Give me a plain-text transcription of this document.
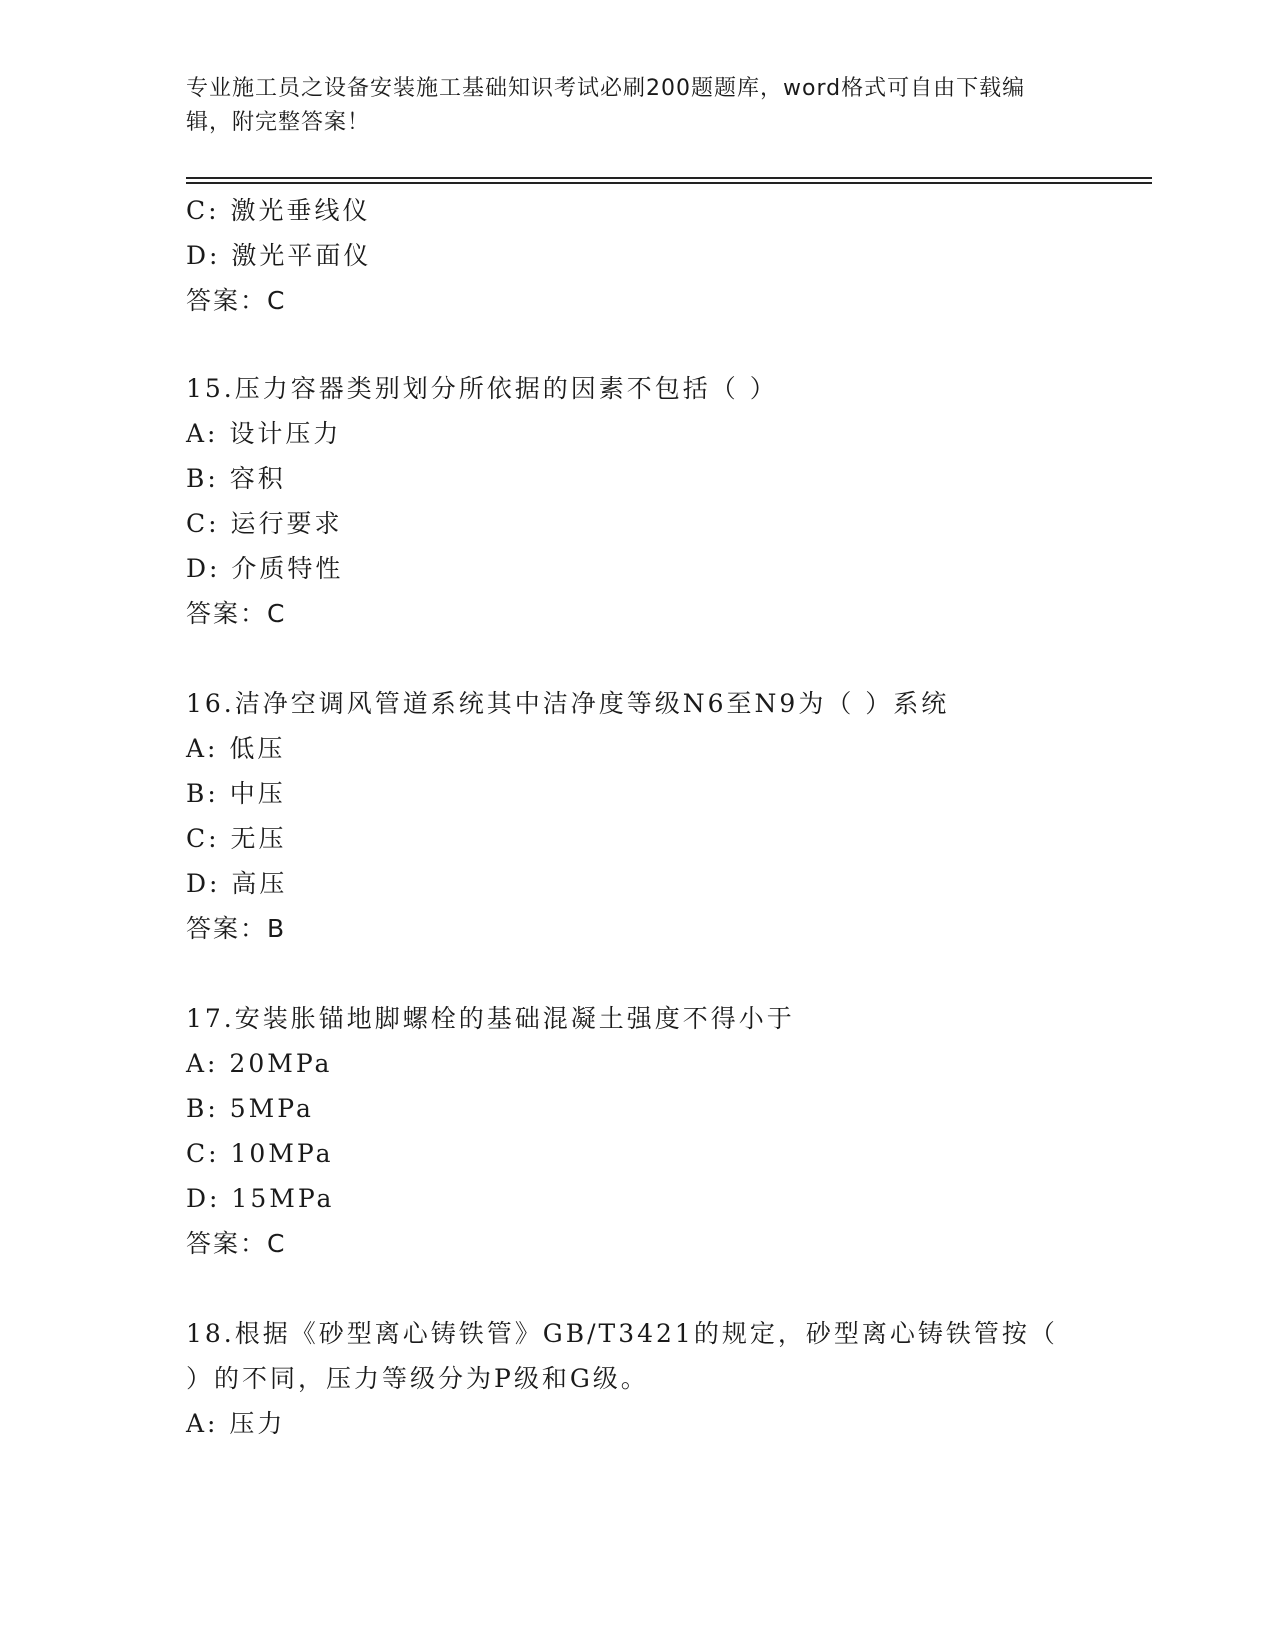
专业施工员之设备安装施工基础知识考试必刷200题题库，word格式可自由下载编辑，附完整答案！
C: 激光垂线仪
D: 激光平面仪
答案：C
15.压力容器类别划分所依据的因素不包括（ ）
A: 设计压力
B: 容积
C: 运行要求
D: 介质特性
答案：C
16.洁净空调风管道系统其中洁净度等级N6至N9为（ ）系统
A: 低压
B: 中压
C: 无压
D: 高压
答案：B
17.安装胀锚地脚螺栓的基础混凝土强度不得小于
A: 20MPa
B: 5MPa
C: 10MPa
D: 15MPa
答案：C
18.根据《砂型离心铸铁管》GB/T3421的规定，砂型离心铸铁管按（
）的不同，压力等级分为P级和G级。
A: 压力
